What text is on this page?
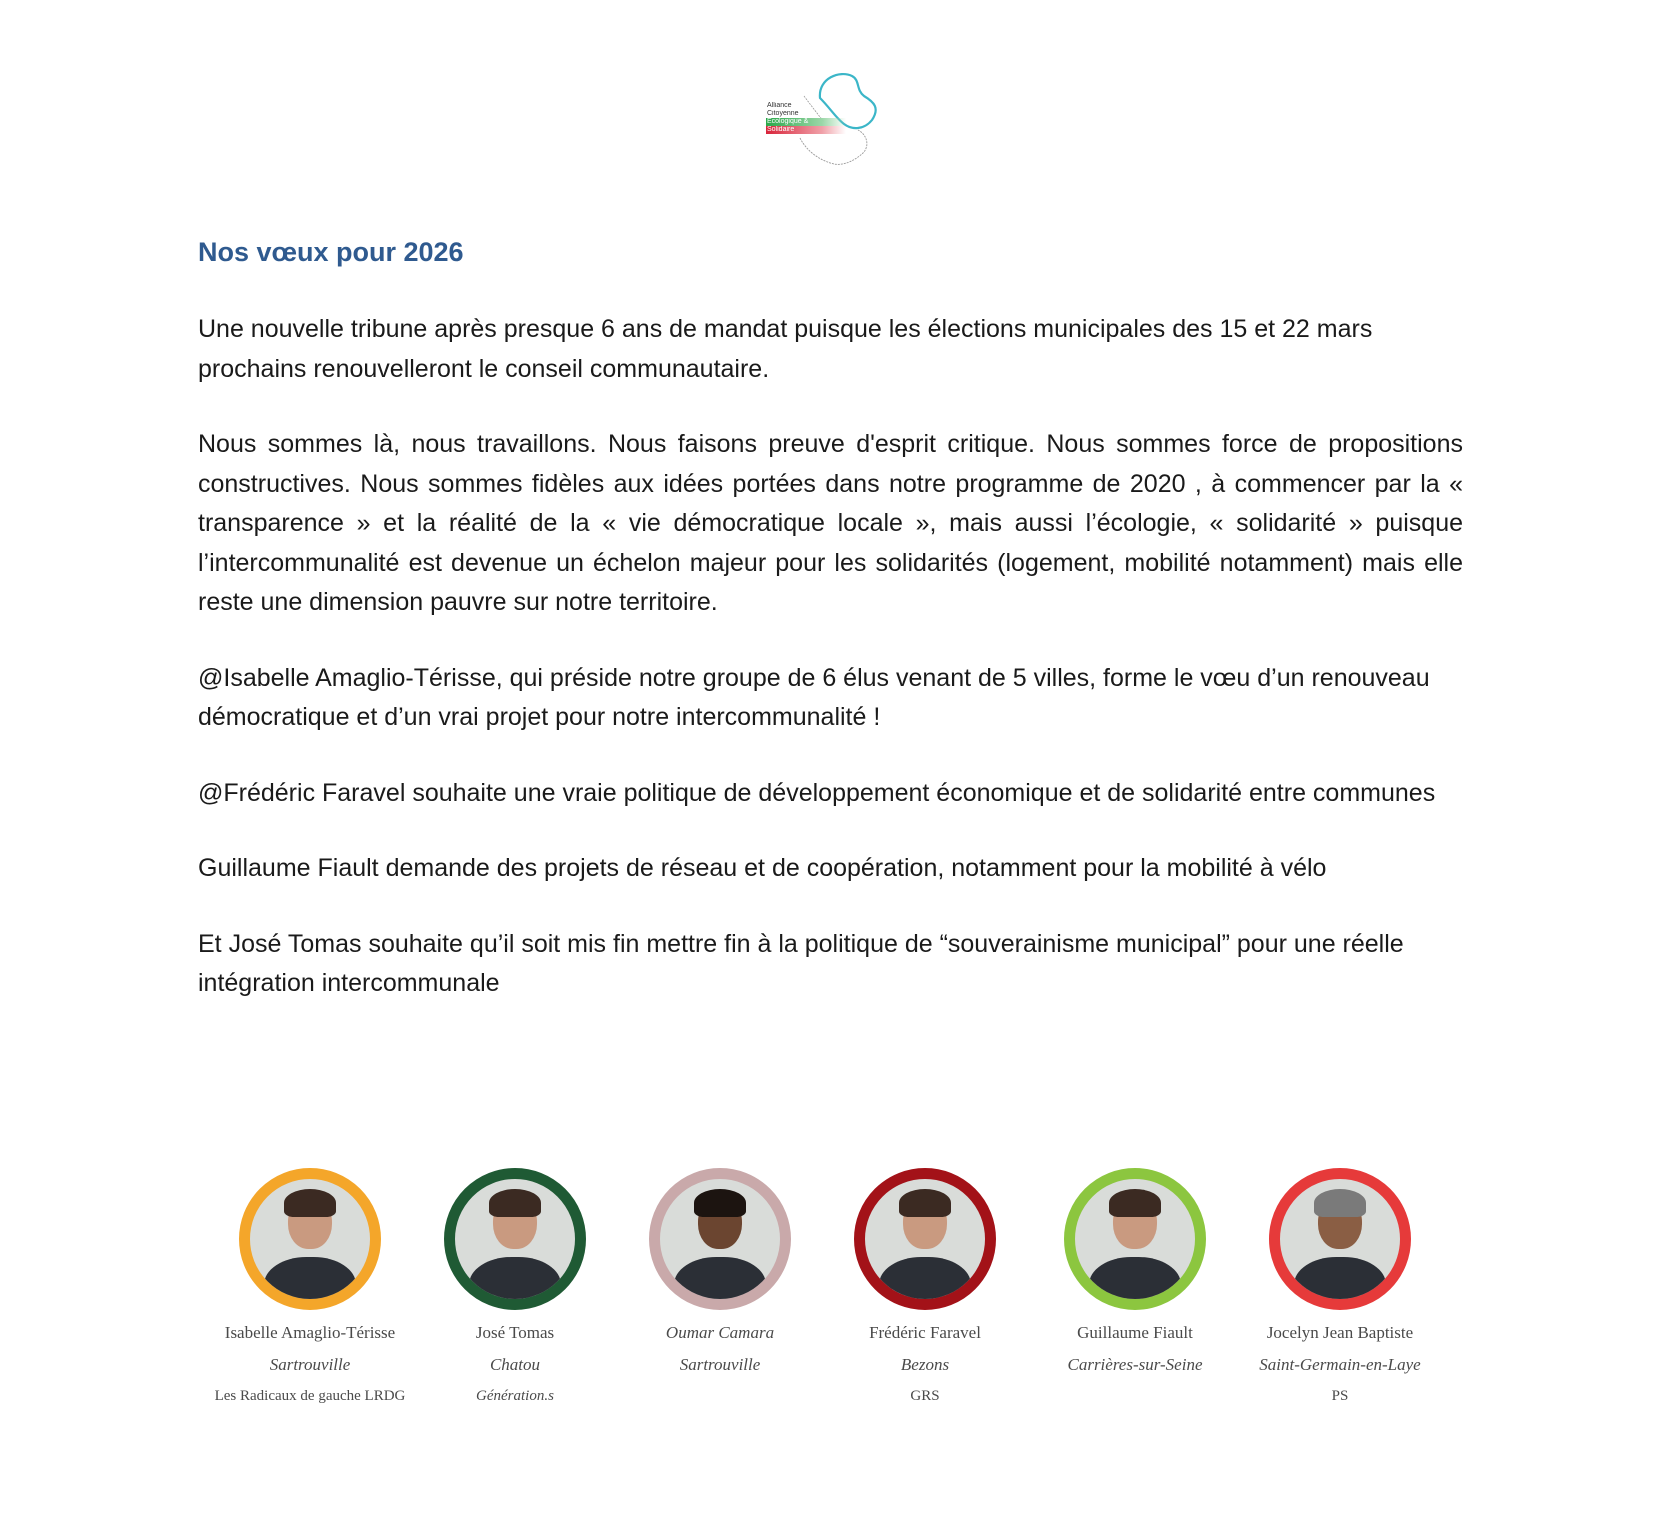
Alliance
Citoyenne
Écologique &
Solidaire
Nos vœux pour 2026

Une nouvelle tribune après presque 6 ans de mandat puisque les élections municipales des 15 et 22 mars prochains renouvelleront le conseil communautaire.

Nous sommes là, nous travaillons. Nous faisons preuve d'esprit critique. Nous sommes force de propositions constructives. Nous sommes fidèles aux idées portées dans notre programme de 2020 , à commencer par la « transparence » et la réalité de la « vie démocratique locale », mais aussi l’écologie, « solidarité » puisque l’intercommunalité est devenue un échelon majeur pour les solidarités (logement, mobilité notamment) mais elle reste une dimension pauvre sur notre territoire.

@Isabelle Amaglio-Térisse, qui préside notre groupe de 6 élus venant de 5 villes, forme le vœu d’un renouveau démocratique et d’un vrai projet pour notre intercommunalité !

@Frédéric Faravel souhaite une vraie politique de développement économique et de solidarité entre communes

Guillaume Fiault demande des projets de réseau et de coopération, notamment pour la mobilité à vélo

Et José Tomas souhaite qu’il soit mis fin mettre fin à la politique de “souverainisme municipal” pour une réelle intégration intercommunale

Isabelle Amaglio-Térisse
Sartrouville
Les Radicaux de gauche LRDG
José Tomas
Chatou
Génération.s
Oumar Camara
Sartrouville
Frédéric Faravel
Bezons
GRS
Guillaume Fiault
Carrières-sur-Seine
Jocelyn Jean Baptiste
Saint-Germain-en-Laye
PS
